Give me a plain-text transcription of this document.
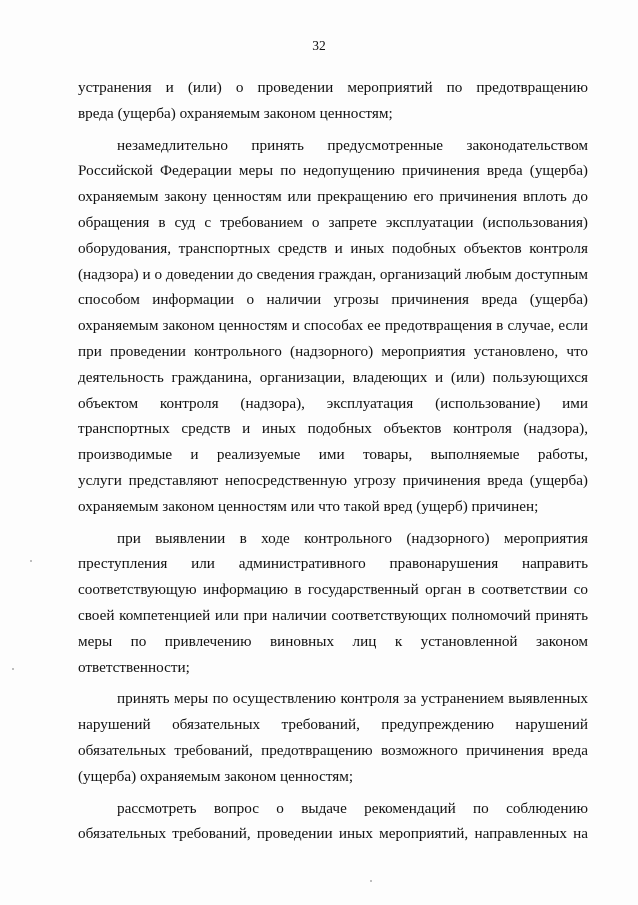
32
устранения и (или) о проведении мероприятий по предотвращению
вреда (ущерба) охраняемым законом ценностям;
незамедлительно принять предусмотренные законодательством
Российской Федерации меры по недопущению причинения вреда (ущерба)
охраняемым закону ценностям или прекращению его причинения вплоть до
обращения в суд с требованием о запрете эксплуатации (использования)
оборудования, транспортных средств и иных подобных объектов контроля
(надзора) и о доведении до сведения граждан, организаций любым доступным
способом информации о наличии угрозы причинения вреда (ущерба)
охраняемым законом ценностям и способах ее предотвращения в случае, если
при проведении контрольного (надзорного) мероприятия установлено, что
деятельность гражданина, организации, владеющих и (или) пользующихся
объектом контроля (надзора), эксплуатация (использование) ими
транспортных средств и иных подобных объектов контроля (надзора),
производимые и реализуемые ими товары, выполняемые работы,
услуги представляют непосредственную угрозу причинения вреда (ущерба)
охраняемым законом ценностям или что такой вред (ущерб) причинен;
при выявлении в ходе контрольного (надзорного) мероприятия
преступления или административного правонарушения направить
соответствующую информацию в государственный орган в соответствии со
своей компетенцией или при наличии соответствующих полномочий принять
меры по привлечению виновных лиц к установленной законом
ответственности;
принять меры по осуществлению контроля за устранением выявленных
нарушений обязательных требований, предупреждению нарушений
обязательных требований, предотвращению возможного причинения вреда
(ущерба) охраняемым законом ценностям;
рассмотреть вопрос о выдаче рекомендаций по соблюдению
обязательных требований, проведении иных мероприятий, направленных на
